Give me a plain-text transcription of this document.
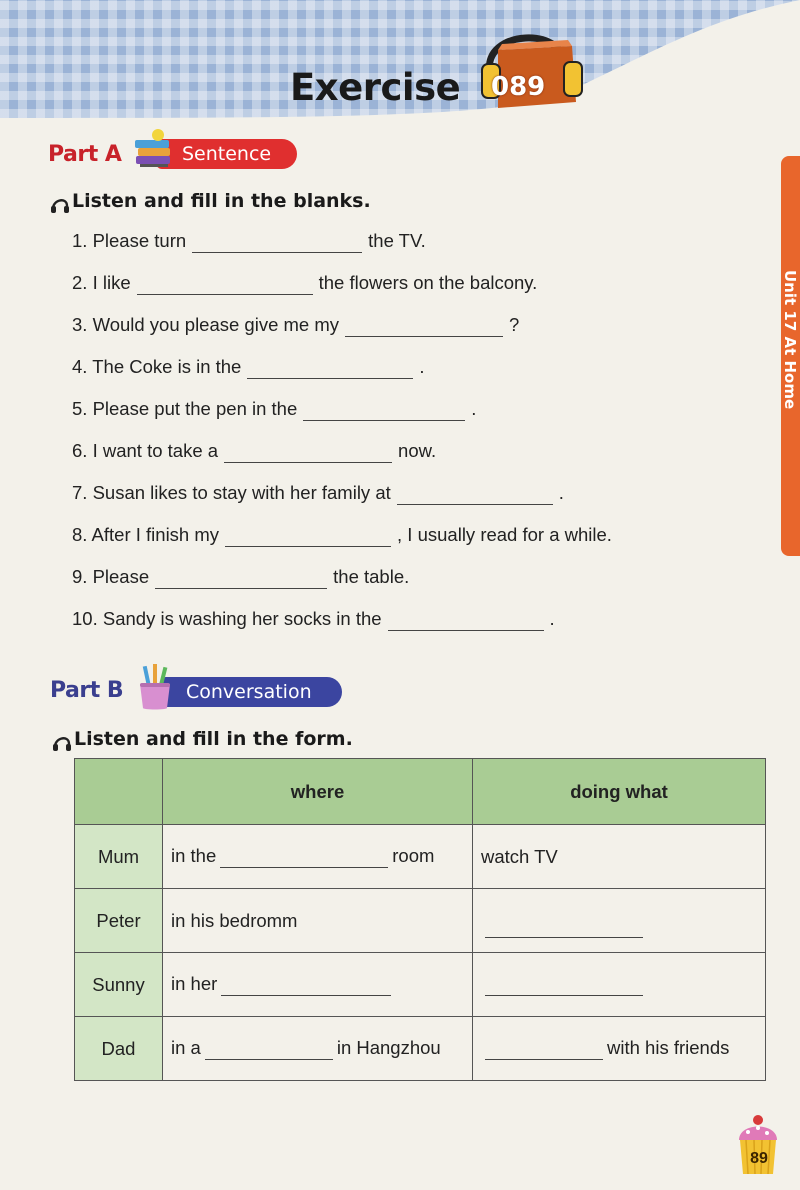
Exercise 089
Unit 17 At Home
Part A	Sentence
Listen and fill in the blanks.
1. Please turn	the TV.
2. I like	the flowers on the balcony.
3. Would you please give me my	?
4. The Coke is in the	.
5. Please put the pen in the	.
6. I want to take a	now.
7. Susan likes to stay with her family at	.
8. After I finish my	, I usually read for a while.
9. Please	the table.
10. Sandy is washing her socks in the	.
Part B	Conversation
Listen and fill in the form.
	where	doing what
Mum	in the room	watch TV
Peter	in his bedromm	
Sunny	in her	
Dad	in a in Hangzhou	with his friends
89
